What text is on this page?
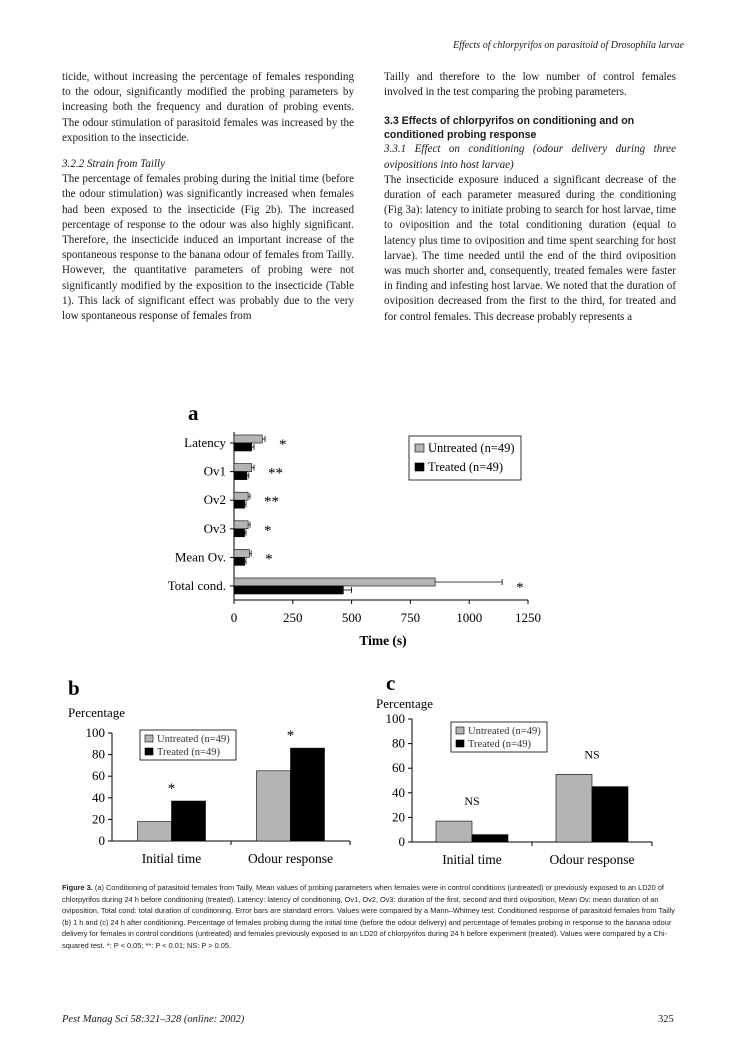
Effects of chlorpyrifos on parasitoid of Drosophila larvae

ticide, without increasing the percentage of females responding to the odour, significantly modified the probing parameters by increasing both the frequency and duration of probing events. The odour stimulation of parasitoid females was increased by the exposition to the insecticide.

3.2.2 Strain from Tailly

The percentage of females probing during the initial time (before the odour stimulation) was significantly increased when females had been exposed to the insecticide (Fig 2b). The increased percentage of response to the odour was also highly significant. Therefore, the insecticide induced an important increase of the spontaneous response to the banana odour of females from Tailly. However, the quantitative parameters of probing were not significantly modified by the exposition to the insecticide (Table 1). This lack of significant effect was probably due to the very low spontaneous response of females from

Tailly and therefore to the low number of control females involved in the test comparing the probing parameters.

3.3 Effects of chlorpyrifos on conditioning and on conditioned probing response

3.3.1 Effect on conditioning (odour delivery during three ovipositions into host larvae)

The insecticide exposure induced a significant decrease of the duration of each parameter measured during the conditioning (Fig 3a): latency to initiate probing to search for host larvae, time to oviposition and the total conditioning duration (equal to latency plus time to oviposition and time spent searching for host larvae). The time needed until the end of the third oviposition was much shorter and, consequently, treated females were faster in finding and infesting host larvae. We noted that the duration of oviposition decreased from the first to the third, for treated and for control females. This decrease probably represents a

a
Latency	*
Ov1	**
Ov2	**
Ov3	*
Mean Ov.	*
Total cond.	*
0	250	500	750	1000	1250
Time (s)
Untreated (n=49)
Treated (n=49)
b
Percentage
0
20
40
60
80
100
Initial time
*
Odour response
*
Untreated (n=49)
Treated (n=49)
c
Percentage
0
20
40
60
80
100
Initial time
NS
Odour response
NS
Untreated (n=49)
Treated (n=49)
Figure 3. (a) Conditioning of parasitoid females from Tailly. Mean values of probing parameters when females were in control conditions (untreated) or previously exposed to an LD20 of chlorpyrifos during 24 h before conditioning (treated). Latency: latency of conditioning, Ov1, Ov2, Ov3: duration of the first, second and third oviposition, Mean Ov: mean duration of an oviposition, Total cond: total duration of conditioning. Error bars are standard errors. Values were compared by a Mann–Whitney test. Conditioned response of parasitoid females from Tailly (b) 1 h and (c) 24 h after conditioning. Percentage of females probing during the initial time (before the odour delivery) and percentage of females probing in response to the banana odour delivery for females in control conditions (untreated) and females previously exposed to an LD20 of chlorpyrifos during 24 h before experiment (treated). Values were compared by a Chi-squared test. *: P < 0.05; **: P < 0.01; NS: P > 0.05.
Pest Manag Sci 58:321–328 (online: 2002)	325
